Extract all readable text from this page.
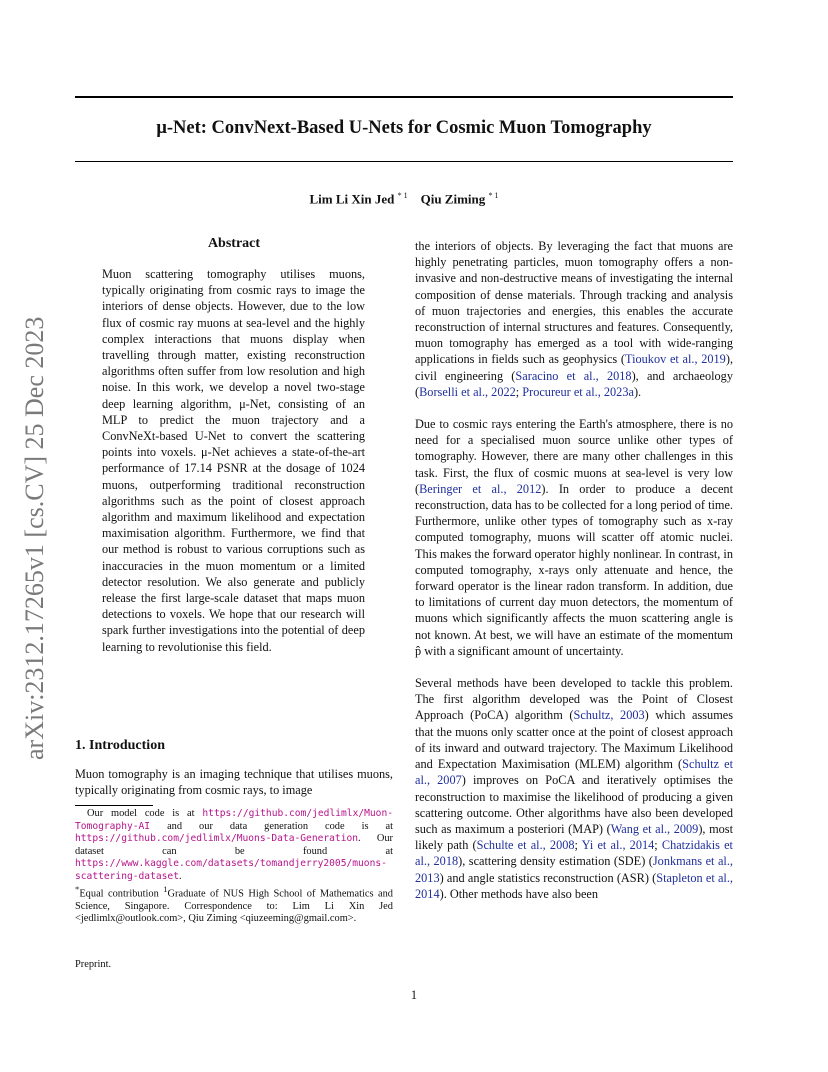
μ-Net: ConvNext-Based U-Nets for Cosmic Muon Tomography
Lim Li Xin Jed $^{* 1}$ Qiu Ziming $^{* 1}$
arXiv:2312.17265v1 [cs.CV] 25 Dec 2023
Abstract

Muon scattering tomography utilises muons, typically originating from cosmic rays to image the interiors of dense objects. However, due to the low flux of cosmic ray muons at sea-level and the highly complex interactions that muons display when travelling through matter, existing reconstruction algorithms often suffer from low resolution and high noise. In this work, we develop a novel two-stage deep learning algorithm, μ-Net, consisting of an MLP to predict the muon trajectory and a ConvNeXt-based U-Net to convert the scattering points into voxels. μ-Net achieves a state-of-the-art performance of 17.14 PSNR at the dosage of 1024 muons, outperforming traditional reconstruction algorithms such as the point of closest approach algorithm and maximum likelihood and expectation maximisation algorithm. Furthermore, we find that our method is robust to various corruptions such as inaccuracies in the muon momentum or a limited detector resolution. We also generate and publicly release the first large-scale dataset that maps muon detections to voxels. We hope that our research will spark further investigations into the potential of deep learning to revolutionise this field.

1. Introduction

Muon tomography is an imaging technique that utilises muons, typically originating from cosmic rays, to image

Our model code is at https://github.com/jedlimlx/Muon-Tomography-AI and our data generation code is at https://github.com/jedlimlx/Muons-Data-Generation. Our dataset can be found at https://www.kaggle.com/datasets/tomandjerry2005/muons-scattering-dataset.

*Equal contribution $^1$Graduate of NUS High School of Mathematics and Science, Singapore. Correspondence to: Lim Li Xin Jed <jedlimlx@outlook.com>, Qiu Ziming <qiuzeeming@gmail.com>.

Preprint.

the interiors of objects. By leveraging the fact that muons are highly penetrating particles, muon tomography offers a non-invasive and non-destructive means of investigating the internal composition of dense materials. Through tracking and analysis of muon trajectories and energies, this enables the accurate reconstruction of internal structures and features. Consequently, muon tomography has emerged as a tool with wide-ranging applications in fields such as geophysics (Tioukov et al., 2019), civil engineering (Saracino et al., 2018), and archaeology (Borselli et al., 2022; Procureur et al., 2023a).

Due to cosmic rays entering the Earth's atmosphere, there is no need for a specialised muon source unlike other types of tomography. However, there are many other challenges in this task. First, the flux of cosmic muons at sea-level is very low (Beringer et al., 2012). In order to produce a decent reconstruction, data has to be collected for a long period of time. Furthermore, unlike other types of tomography such as x-ray computed tomography, muons will scatter off atomic nuclei. This makes the forward operator highly nonlinear. In contrast, in computed tomography, x-rays only attenuate and hence, the forward operator is the linear radon transform. In addition, due to limitations of current day muon detectors, the momentum of muons which significantly affects the muon scattering angle is not known. At best, we will have an estimate of the momentum p̂ with a significant amount of uncertainty.

Several methods have been developed to tackle this problem. The first algorithm developed was the Point of Closest Approach (PoCA) algorithm (Schultz, 2003) which assumes that the muons only scatter once at the point of closest approach of its inward and outward trajectory. The Maximum Likelihood and Expectation Maximisation (MLEM) algorithm (Schultz et al., 2007) improves on PoCA and iteratively optimises the reconstruction to maximise the likelihood of producing a given scattering outcome. Other algorithms have also been developed such as maximum a posteriori (MAP) (Wang et al., 2009), most likely path (Schulte et al., 2008; Yi et al., 2014; Chatzidakis et al., 2018), scattering density estimation (SDE) (Jonkmans et al., 2013) and angle statistics reconstruction (ASR) (Stapleton et al., 2014). Other methods have also been

1
